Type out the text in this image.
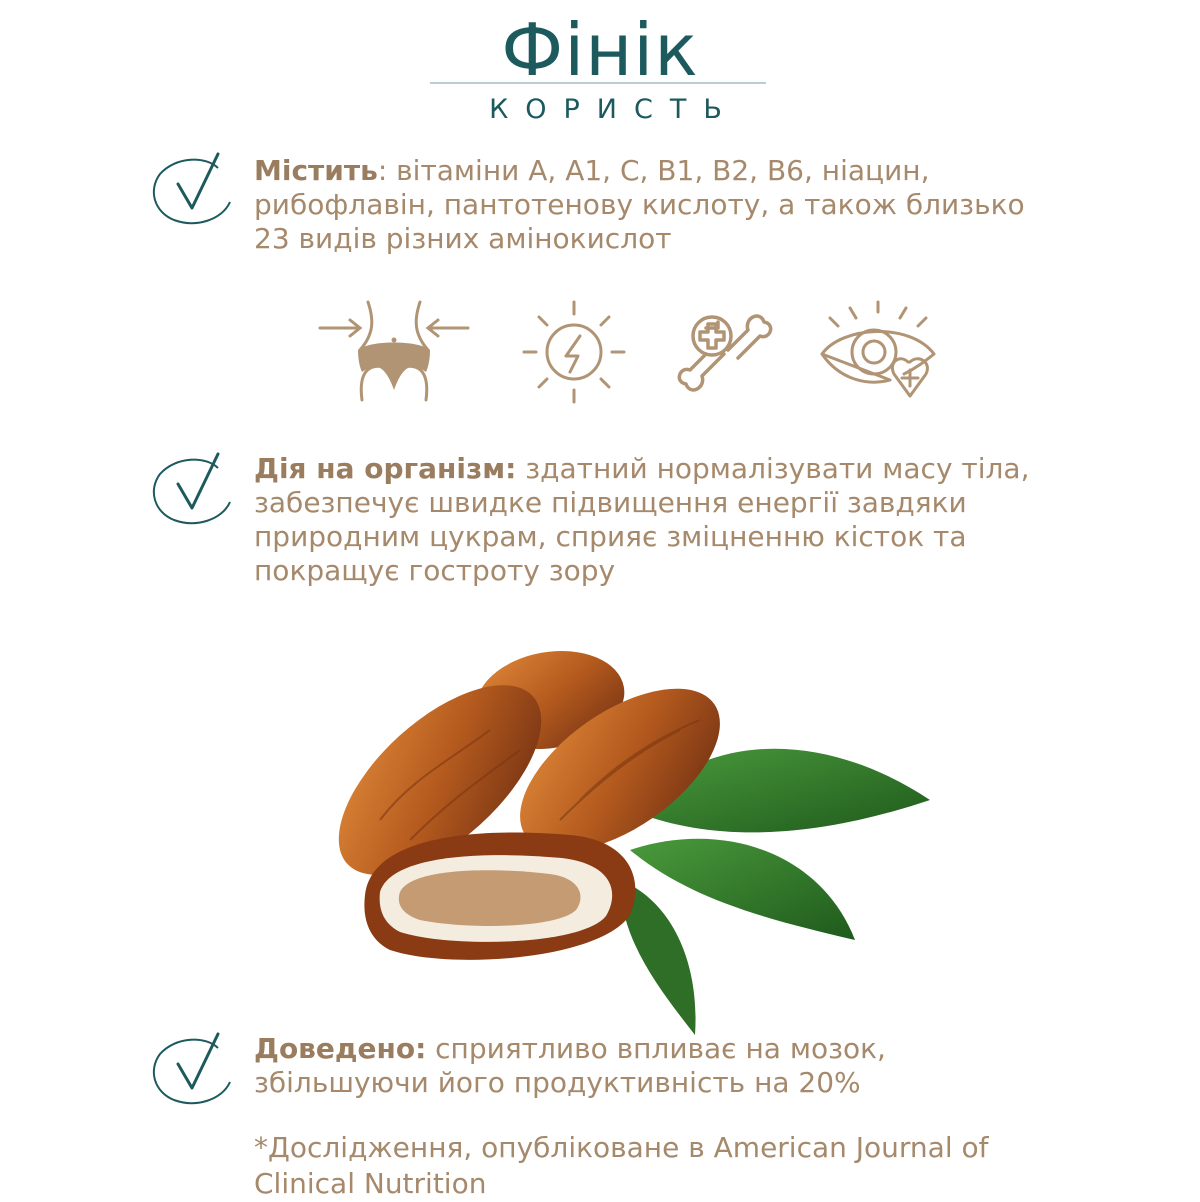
Фінік
КОРИСТЬ
Містить: вітаміни А, А1, С, В1, В2, В6, ніацин, рибофлавін, пантотенову кислоту, а також близько 23 видів різних амінокислот
Дія на організм: здатний нормалізувати масу тіла, забезпечує швидке підвищення енергії завдяки природним цукрам, сприяє зміцненню кісток та покращує гостроту зору
Доведено: сприятливо впливає на мозок, збільшуючи його продуктивність на 20%
*Дослідження, опубліковане в American Journal of Clinical Nutrition
